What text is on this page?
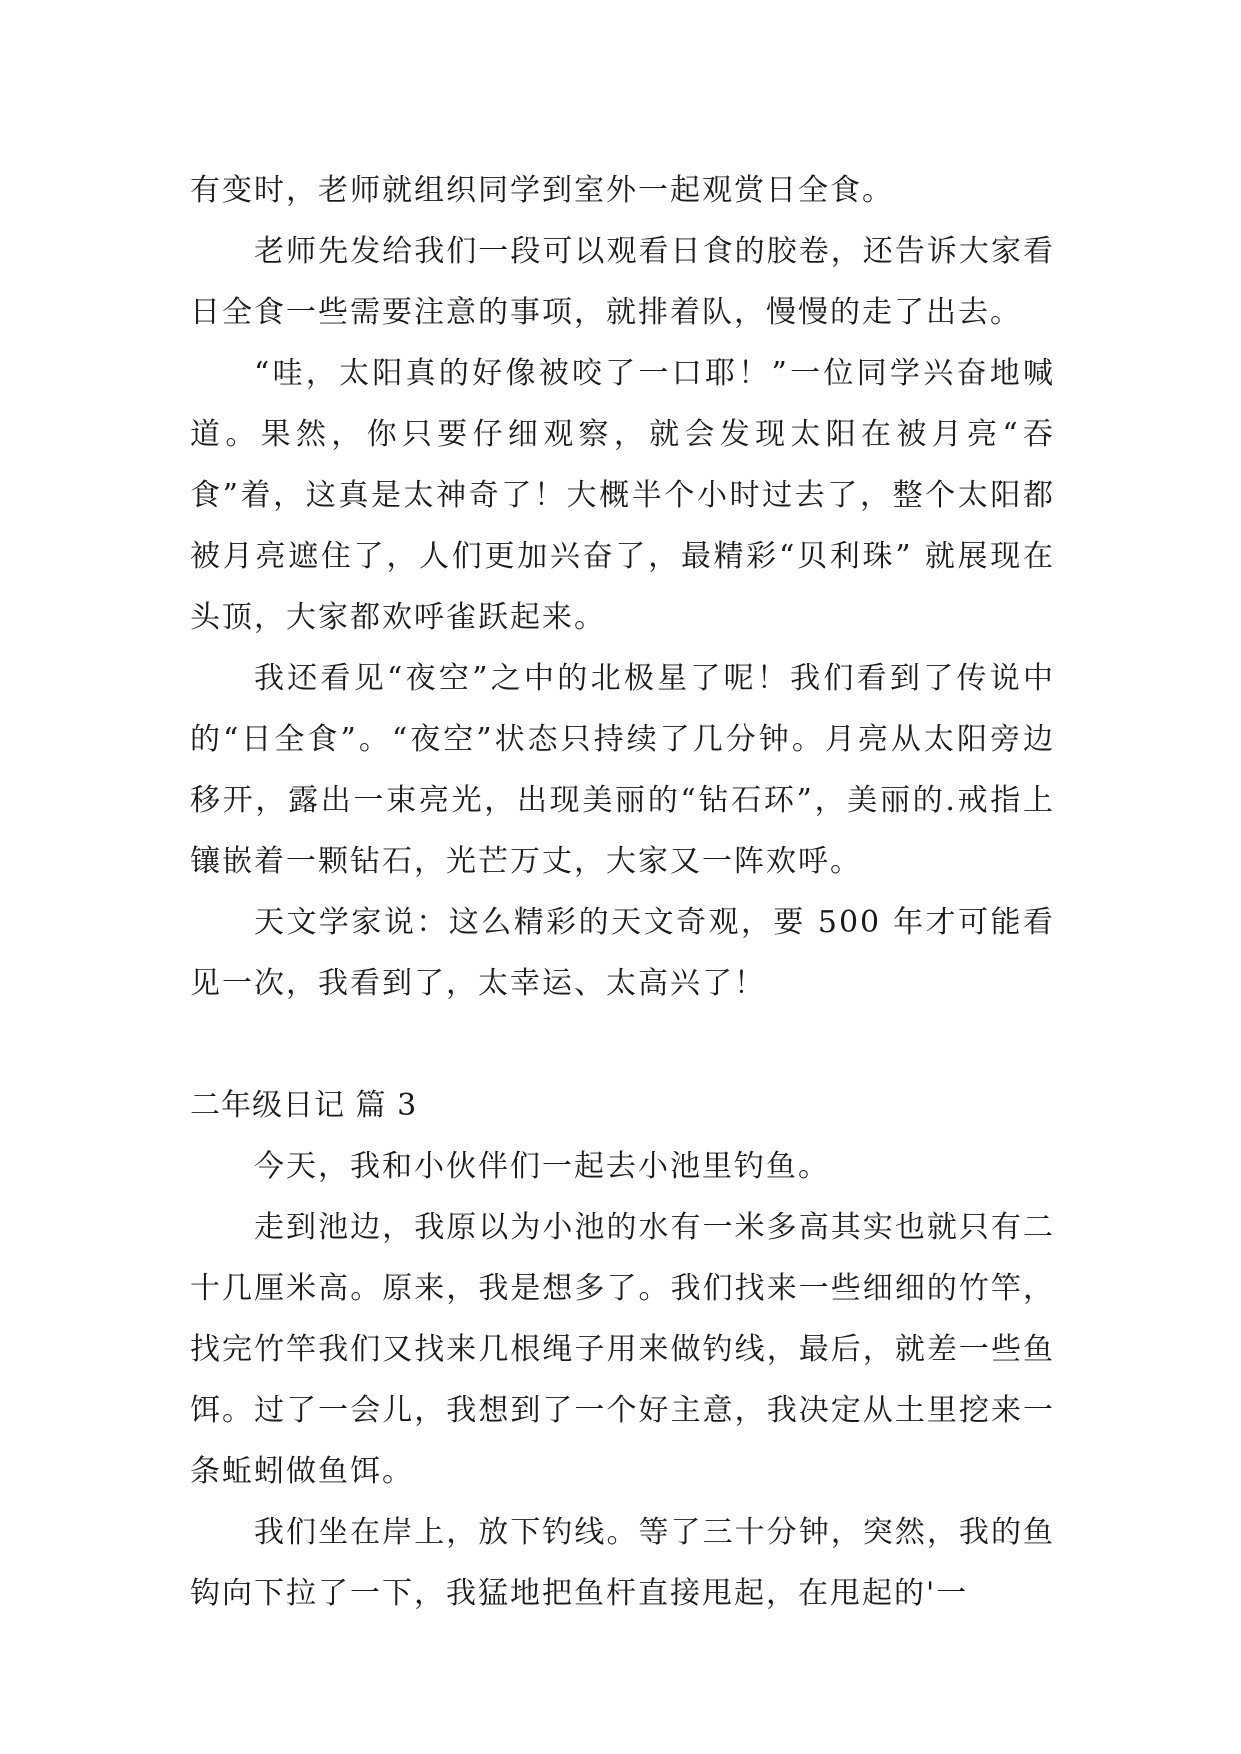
有变时，老师就组织同学到室外一起观赏日全食。

老师先发给我们一段可以观看日食的胶卷，还告诉大家看日全食一些需要注意的事项，就排着队，慢慢的走了出去。

“哇，太阳真的好像被咬了一口耶！”一位同学兴奋地喊道。果然，你只要仔细观察，就会发现太阳在被月亮“吞食”着，这真是太神奇了！大概半个小时过去了，整个太阳都被月亮遮住了，人们更加兴奋了，最精彩“贝利珠” 就展现在头顶，大家都欢呼雀跃起来。

我还看见“夜空”之中的北极星了呢！我们看到了传说中的“日全食”。“夜空”状态只持续了几分钟。月亮从太阳旁边移开，露出一束亮光，出现美丽的“钻石环”，美丽的.戒指上镶嵌着一颗钻石，光芒万丈，大家又一阵欢呼。

天文学家说：这么精彩的天文奇观，要 500 年才可能看见一次，我看到了，太幸运、太高兴了！

二年级日记 篇 3

今天，我和小伙伴们一起去小池里钓鱼。

走到池边，我原以为小池的水有一米多高其实也就只有二十几厘米高。原来，我是想多了。我们找来一些细细的竹竿，找完竹竿我们又找来几根绳子用来做钓线，最后，就差一些鱼饵。过了一会儿，我想到了一个好主意，我决定从土里挖来一条蚯蚓做鱼饵。

我们坐在岸上，放下钓线。等了三十分钟，突然，我的鱼钩向下拉了一下，我猛地把鱼杆直接甩起，在甩起的'一
